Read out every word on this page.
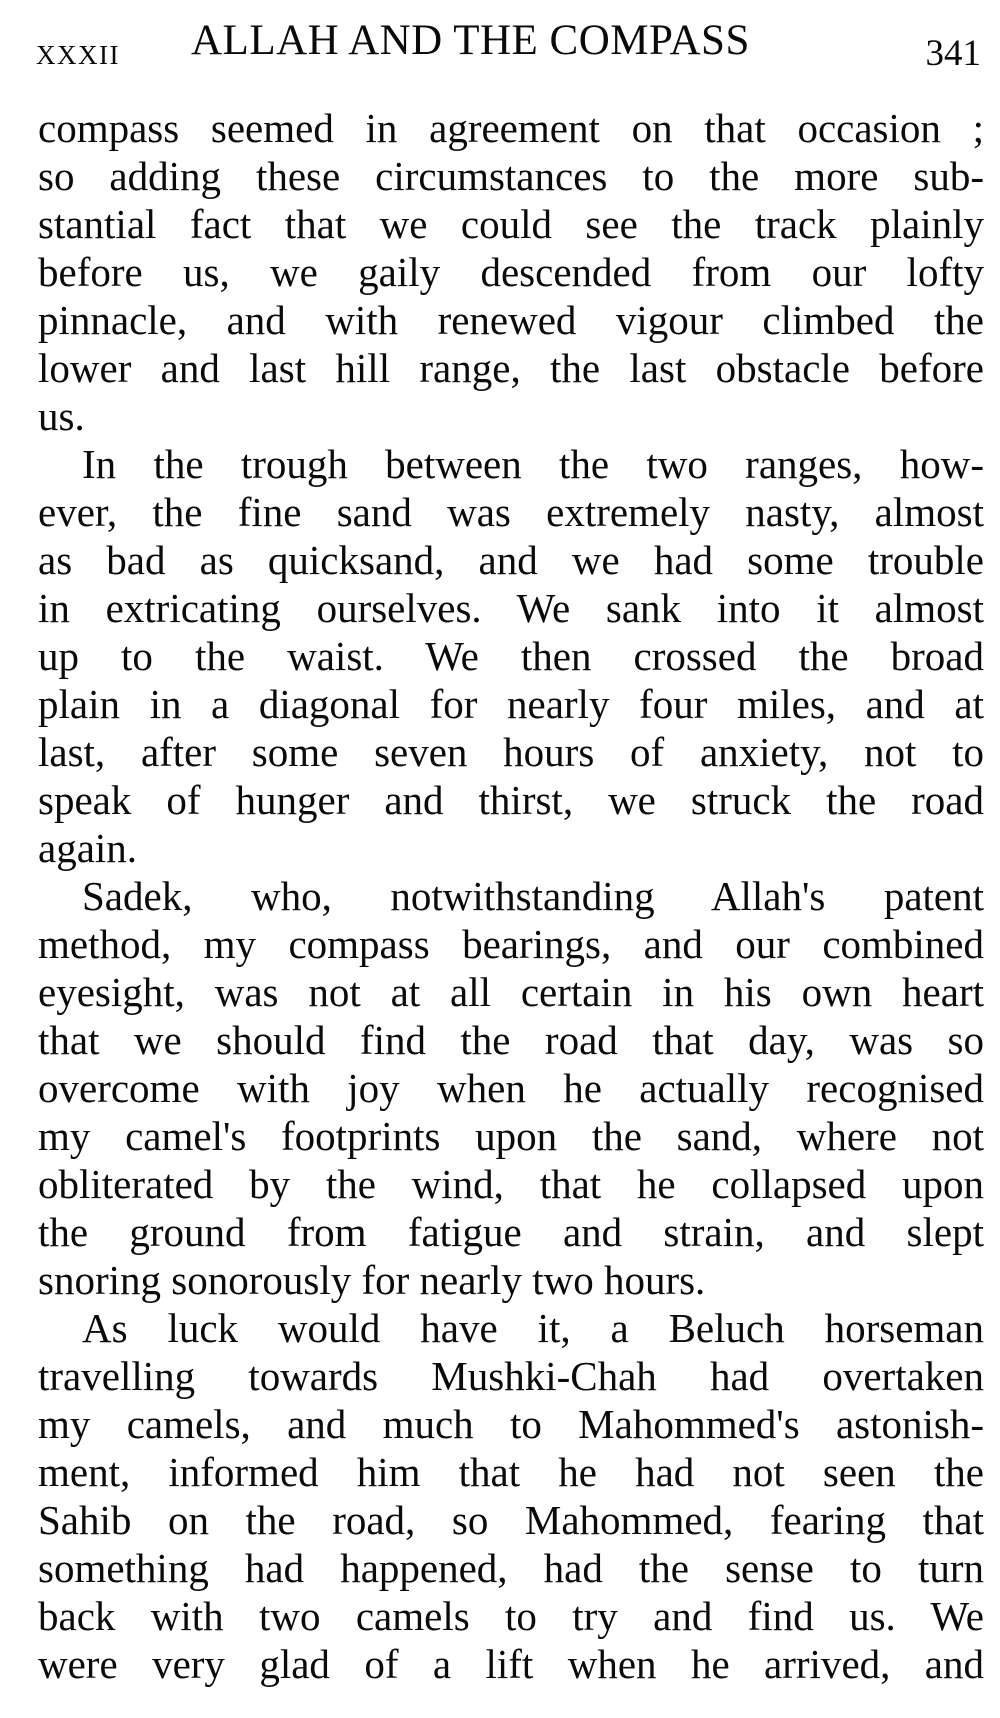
XXXII ALLAH AND THE COMPASS	341
compass seemed in agreement on that occasion ;
so adding these circumstances to the more sub-
stantial fact that we could see the track plainly
before us, we gaily descended from our lofty
pinnacle, and with renewed vigour climbed the
lower and last hill range, the last obstacle before
us.
In the trough between the two ranges, how-
ever, the fine sand was extremely nasty, almost
as bad as quicksand, and we had some trouble
in extricating ourselves. We sank into it almost
up to the waist. We then crossed the broad
plain in a diagonal for nearly four miles, and at
last, after some seven hours of anxiety, not to
speak of hunger and thirst, we struck the road
again.
Sadek, who, notwithstanding Allah's patent
method, my compass bearings, and our combined
eyesight, was not at all certain in his own heart
that we should find the road that day, was so
overcome with joy when he actually recognised
my camel's footprints upon the sand, where not
obliterated by the wind, that he collapsed upon
the ground from fatigue and strain, and slept
snoring sonorously for nearly two hours.
As luck would have it, a Beluch horseman
travelling towards Mushki-Chah had overtaken
my camels, and much to Mahommed's astonish-
ment, informed him that he had not seen the
Sahib on the road, so Mahommed, fearing that
something had happened, had the sense to turn
back with two camels to try and find us. We
were very glad of a lift when he arrived, and
